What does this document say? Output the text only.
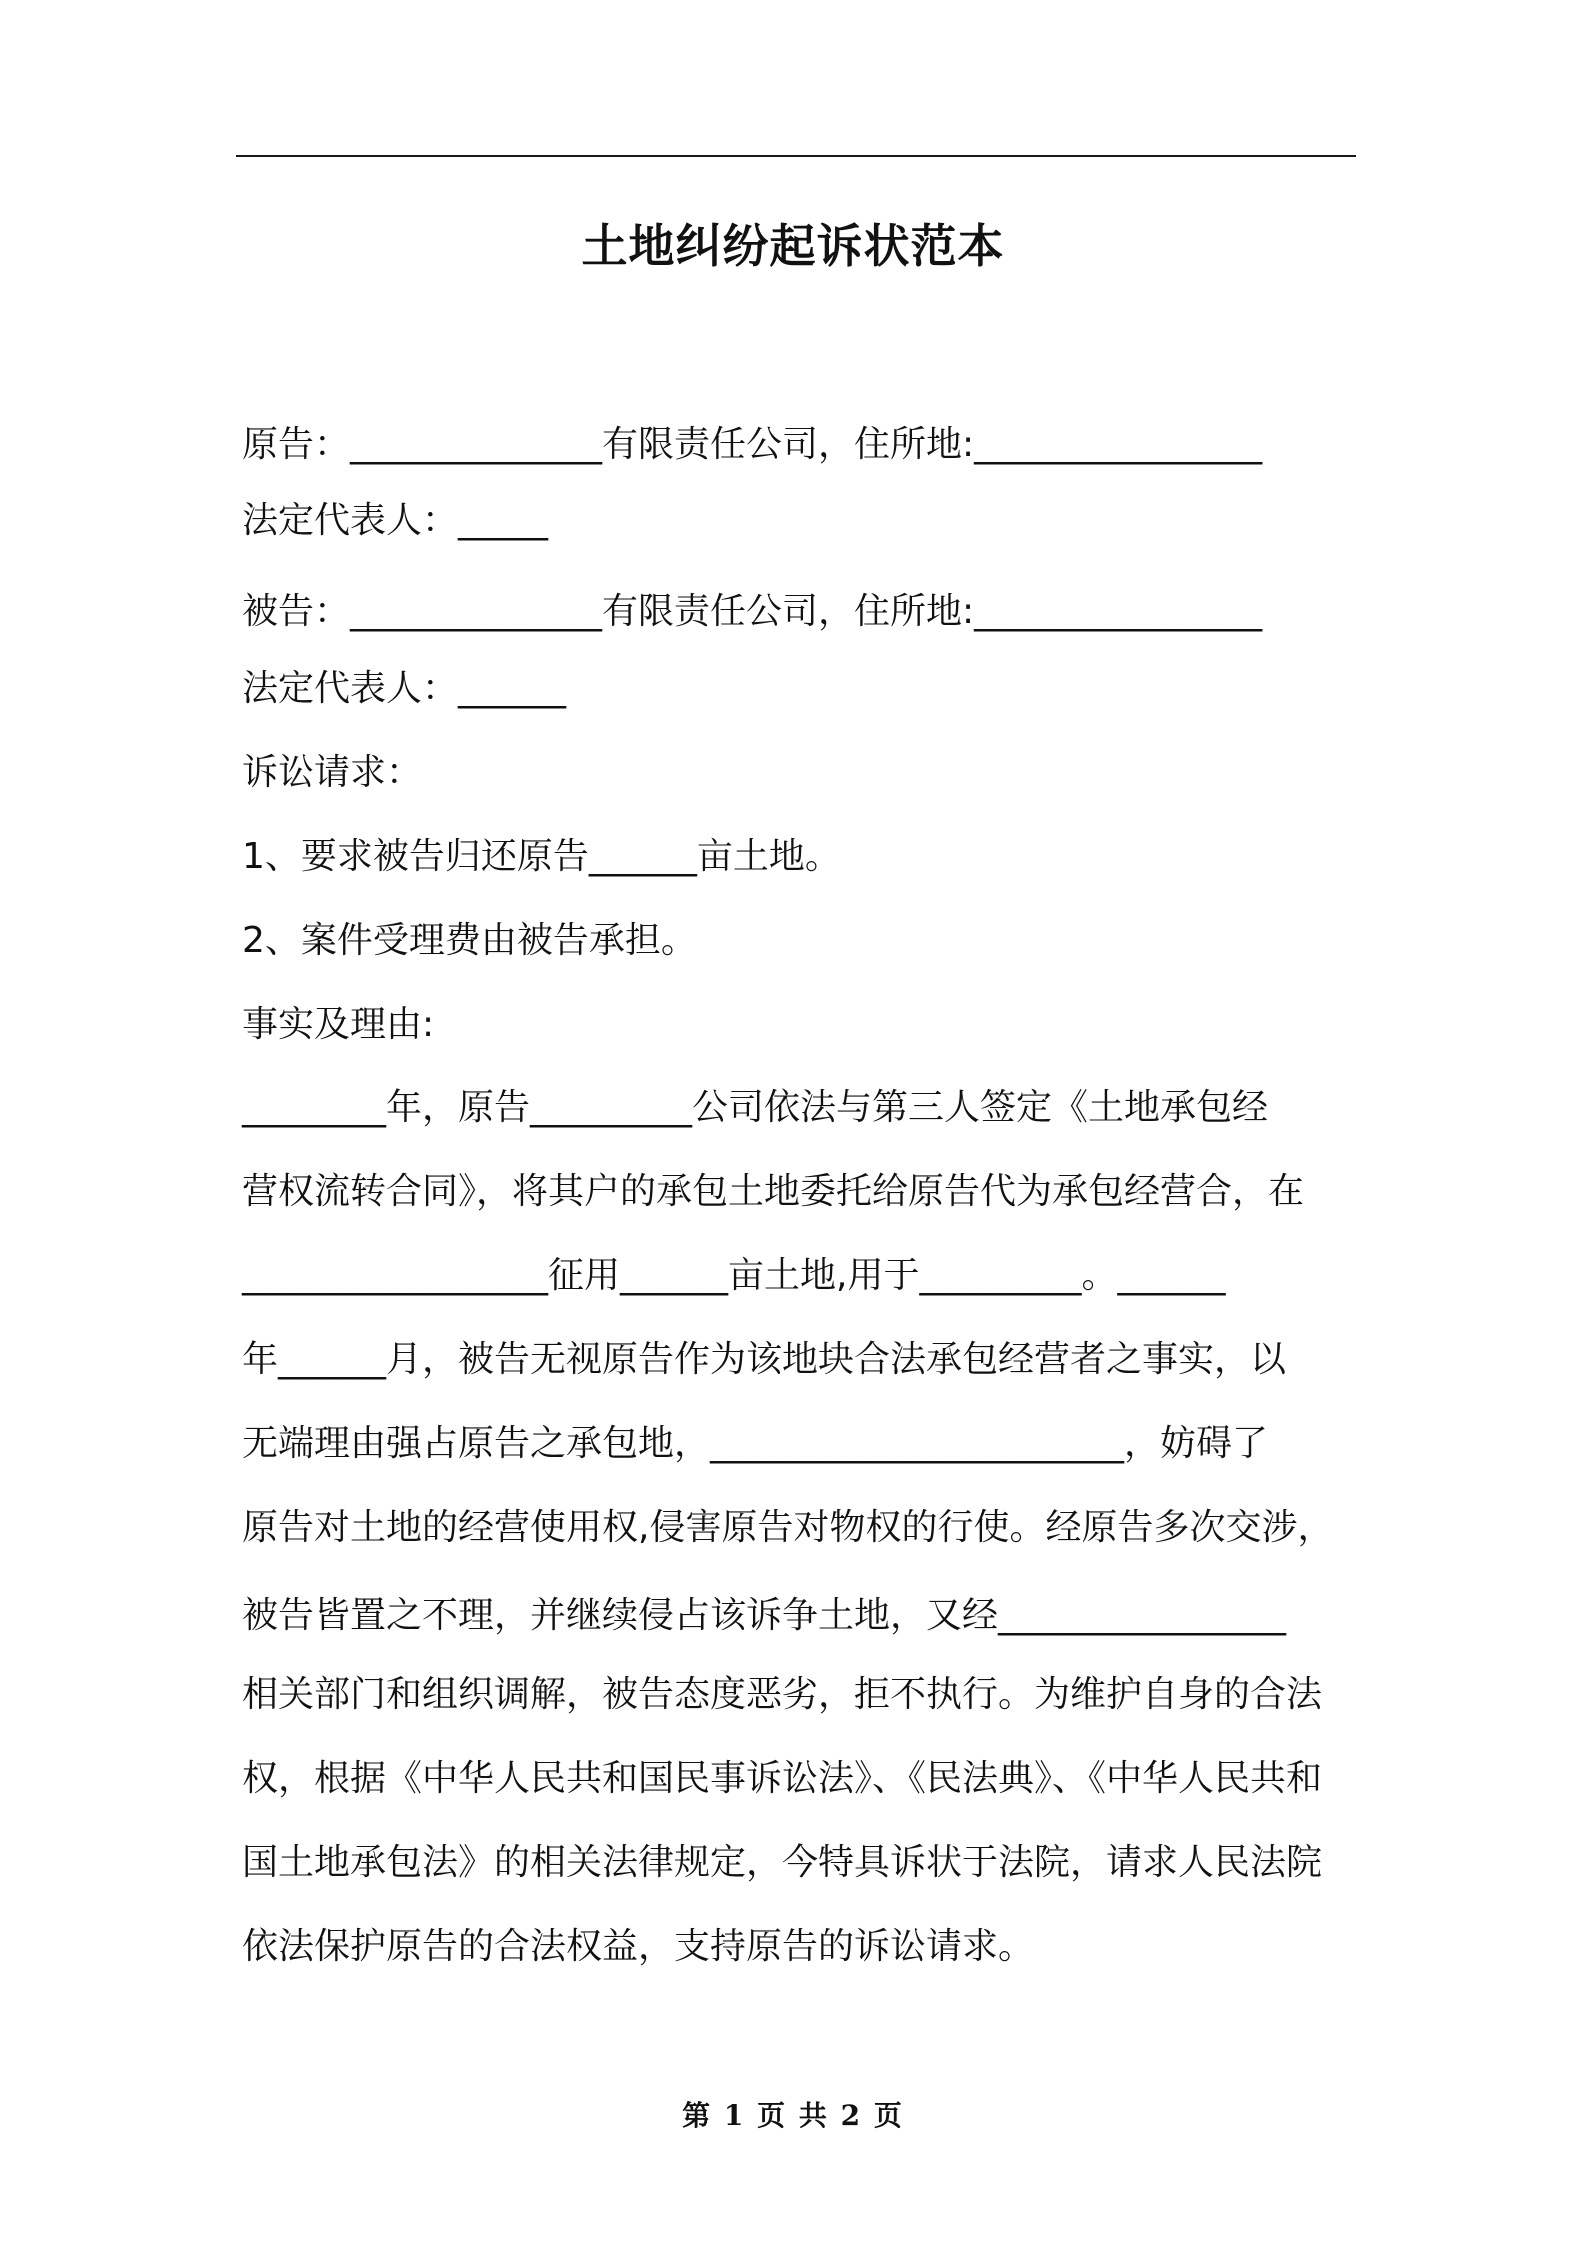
土地纠纷起诉状范本
原告：______________有限责任公司，住所地:________________
法定代表人：_____
被告：______________有限责任公司，住所地:________________
法定代表人：______
诉讼请求：
1、要求被告归还原告______亩土地。
2、案件受理费由被告承担。
事实及理由:
________年，原告_________公司依法与第三人签定《土地承包经
营权流转合同》，将其户的承包土地委托给原告代为承包经营合，在
_________________征用______亩土地,用于_________。______
年______月，被告无视原告作为该地块合法承包经营者之事实，以
无端理由强占原告之承包地，_______________________，妨碍了
原告对土地的经营使用权,侵害原告对物权的行使。经原告多次交涉，
被告皆置之不理，并继续侵占该诉争土地，又经________________
相关部门和组织调解，被告态度恶劣，拒不执行。为维护自身的合法
权，根据《中华人民共和国民事诉讼法》、《民法典》、《中华人民共和
国土地承包法》的相关法律规定，今特具诉状于法院，请求人民法院
依法保护原告的合法权益，支持原告的诉讼请求。
第 1 页 共 2 页
